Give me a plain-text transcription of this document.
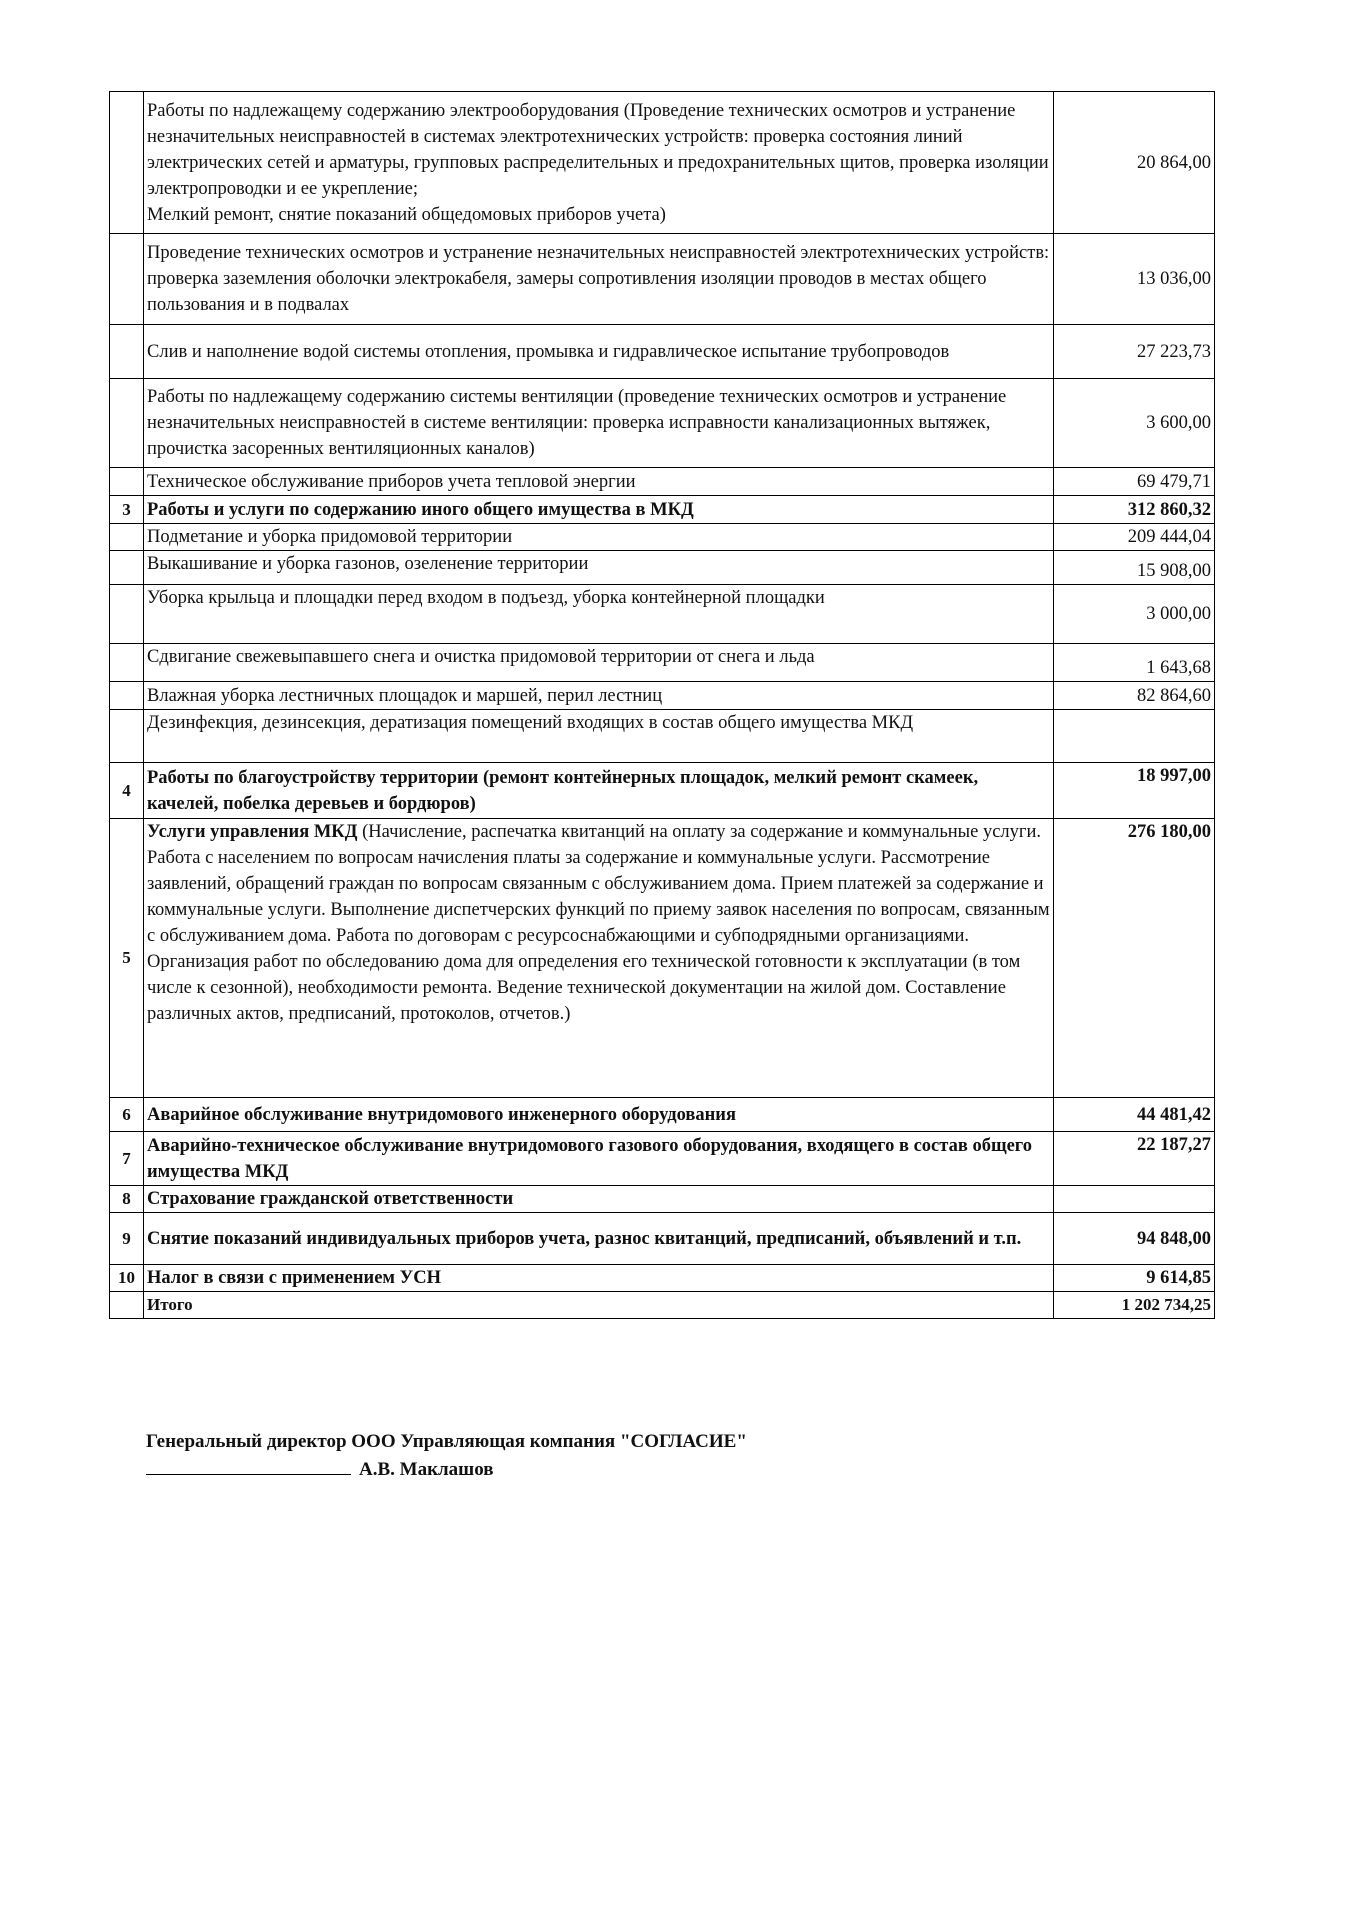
	Работы по надлежащему содержанию электрооборудования (Проведение технических осмотров и устранение незначительных неисправностей в системах электротехнических устройств: проверка состояния линий электрических сетей и арматуры, групповых распределительных и предохранительных щитов, проверка изоляции электропроводки и ее укрепление;
Мелкий ремонт, снятие показаний общедомовых приборов учета)	20 864,00
	Проведение технических осмотров и устранение незначительных неисправностей электротехнических устройств: проверка заземления оболочки электрокабеля, замеры сопротивления изоляции проводов в местах общего пользования и в подвалах	13 036,00
	Слив и наполнение водой системы отопления, промывка и гидравлическое испытание трубопроводов	27 223,73
	Работы по надлежащему содержанию системы вентиляции (проведение технических осмотров и устранение незначительных неисправностей в системе вентиляции: проверка исправности канализационных вытяжек, прочистка засоренных вентиляционных каналов)	3 600,00
	Техническое обслуживание приборов учета тепловой энергии	69 479,71
3	Работы и услуги по содержанию иного общего имущества в МКД	312 860,32
	Подметание и уборка придомовой территории	209 444,04
	Выкашивание и уборка газонов, озеленение территории	15 908,00
	Уборка крыльца и площадки перед входом в подъезд, уборка контейнерной площадки	3 000,00
	Сдвигание свежевыпавшего снега и очистка придомовой территории от снега и льда	1 643,68
	Влажная уборка лестничных площадок и маршей, перил лестниц	82 864,60
	Дезинфекция, дезинсекция, дератизация помещений входящих в состав общего имущества МКД	
4	Работы по благоустройству территории (ремонт контейнерных площадок, мелкий ремонт скамеек, качелей, побелка деревьев и бордюров)	18 997,00
5	Услуги управления МКД (Начисление, распечатка квитанций на оплату за содержание и коммунальные услуги. Работа с населением по вопросам начисления платы за содержание и коммунальные услуги. Рассмотрение заявлений, обращений граждан по вопросам связанным с обслуживанием дома. Прием платежей за содержание и коммунальные услуги. Выполнение диспетчерских функций по приему заявок населения по вопросам, связанным с обслуживанием дома. Работа по договорам с ресурсоснабжающими и субподрядными организациями. Организация работ по обследованию дома для определения его технической готовности к эксплуатации (в том числе к сезонной), необходимости ремонта. Ведение технической документации на жилой дом. Составление различных актов, предписаний, протоколов, отчетов.)	276 180,00
6	Аварийное обслуживание внутридомового инженерного оборудования	44 481,42
7	Аварийно-техническое обслуживание внутридомового газового оборудования, входящего в состав общего имущества МКД	22 187,27
8	Страхование гражданской ответственности	
9	Снятие показаний индивидуальных приборов учета, разнос квитанций, предписаний, объявлений и т.п.	94 848,00
10	Налог в связи с применением УСН	9 614,85
	Итого	1 202 734,25
Генеральный директор ООО Управляющая компания "СОГЛАСИЕ"
А.В. Маклашов
